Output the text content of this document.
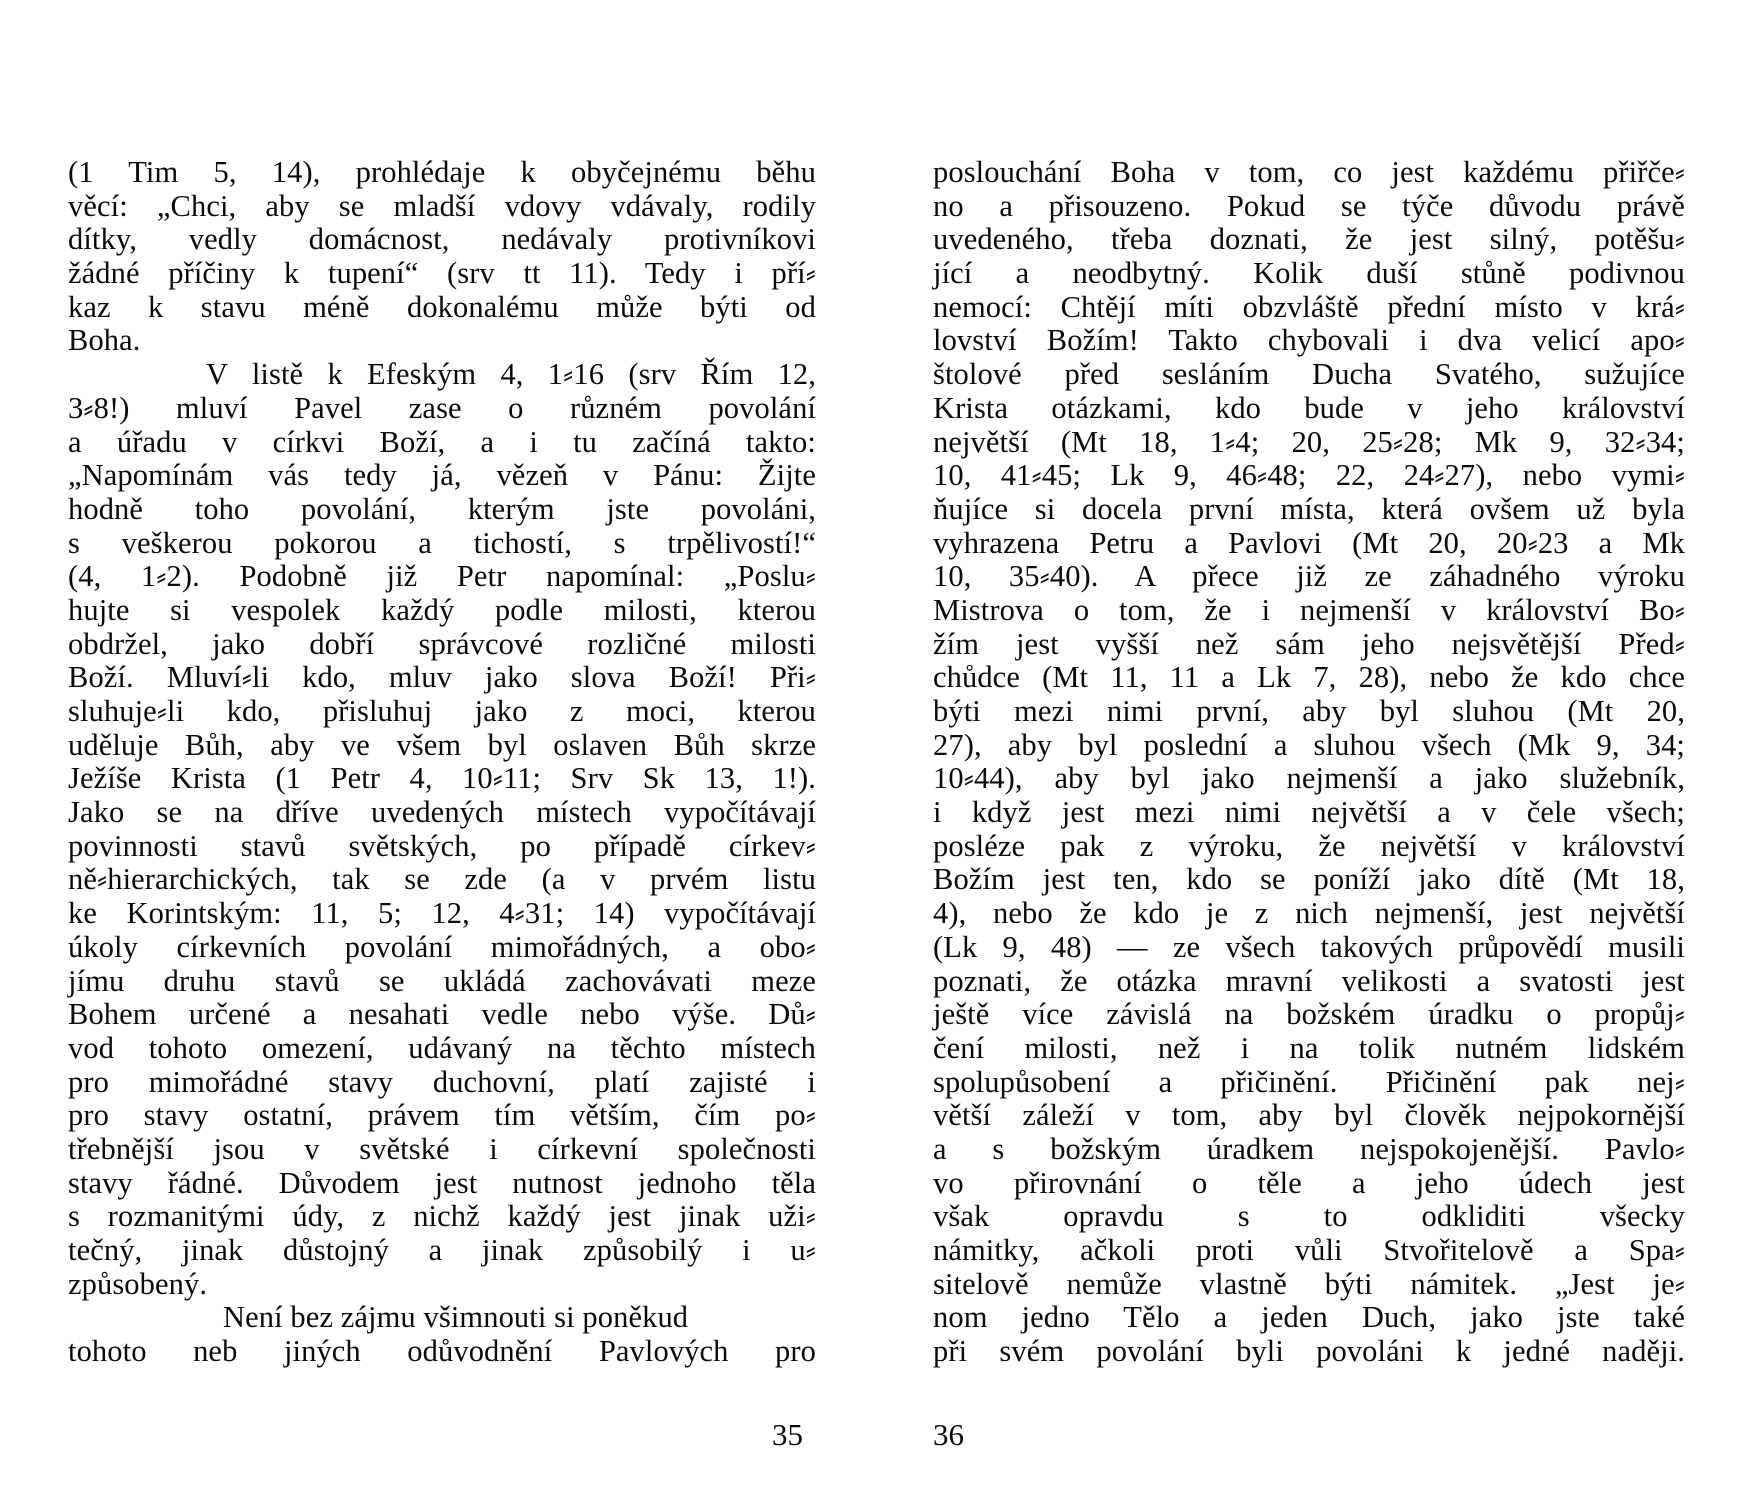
(1 Tim 5, 14), prohlédaje k obyčejnému běhu
věcí: „Chci, aby se mladší vdovy vdávaly, rodily
dítky, vedly domácnost, nedávaly protivníkovi
žádné příčiny k tupení“ (srv tt 11). Tedy i pří⸗
kaz k stavu méně dokonalému může býti od
Boha.
V listě k Efeským 4, 1⸗16 (srv Řím 12,
3⸗8!) mluví Pavel zase o různém povolání
a úřadu v církvi Boží, a i tu začíná takto:
„Napomínám vás tedy já, vězeň v Pánu: Žijte
hodně toho povolání, kterým jste povoláni,
s veškerou pokorou a tichostí, s trpělivostí!“
(4, 1⸗2). Podobně již Petr napomínal: „Poslu⸗
hujte si vespolek každý podle milosti, kterou
obdržel, jako dobří správcové rozličné milosti
Boží. Mluví⸗li kdo, mluv jako slova Boží! Při⸗
sluhuje⸗li kdo, přisluhuj jako z moci, kterou
uděluje Bůh, aby ve všem byl oslaven Bůh skrze
Ježíše Krista (1 Petr 4, 10⸗11; Srv Sk 13, 1!).
Jako se na dříve uvedených místech vypočítávají
povinnosti stavů světských, po případě církev⸗
ně⸗hierarchických, tak se zde (a v prvém listu
ke Korintským: 11, 5; 12, 4⸗31; 14) vypočítávají
úkoly církevních povolání mimořádných, a obo⸗
jímu druhu stavů se ukládá zachovávati meze
Bohem určené a nesahati vedle nebo výše. Dů⸗
vod tohoto omezení, udávaný na těchto místech
pro mimořádné stavy duchovní, platí zajisté i
pro stavy ostatní, právem tím větším, čím po⸗
třebnější jsou v světské i církevní společnosti
stavy řádné. Důvodem jest nutnost jednoho těla
s rozmanitými údy, z nichž každý jest jinak uži⸗
tečný, jinak důstojný a jinak způsobilý i u⸗
způsobený.
Není bez zájmu všimnouti si poněkud
tohoto neb jiných odůvodnění Pavlových pro
35
poslouchání Boha v tom, co jest každému přiřče⸗
no a přisouzeno. Pokud se týče důvodu právě
uvedeného, třeba doznati, že jest silný, potěšu⸗
jící a neodbytný. Kolik duší stůně podivnou
nemocí: Chtějí míti obzvláště přední místo v krá⸗
lovství Božím! Takto chybovali i dva velicí apo⸗
štolové před sesláním Ducha Svatého, sužujíce
Krista otázkami, kdo bude v jeho království
největší (Mt 18, 1⸗4; 20, 25⸗28; Mk 9, 32⸗34;
10, 41⸗45; Lk 9, 46⸗48; 22, 24⸗27), nebo vymi⸗
ňujíce si docela první místa, která ovšem už byla
vyhrazena Petru a Pavlovi (Mt 20, 20⸗23 a Mk
10, 35⸗40). A přece již ze záhadného výroku
Mistrova o tom, že i nejmenší v království Bo⸗
žím jest vyšší než sám jeho nejsvětější Před⸗
chůdce (Mt 11, 11 a Lk 7, 28), nebo že kdo chce
býti mezi nimi první, aby byl sluhou (Mt 20,
27), aby byl poslední a sluhou všech (Mk 9, 34;
10⸗44), aby byl jako nejmenší a jako služebník,
i když jest mezi nimi největší a v čele všech;
posléze pak z výroku, že největší v království
Božím jest ten, kdo se poníží jako dítě (Mt 18,
4), nebo že kdo je z nich nejmenší, jest největší
(Lk 9, 48) — ze všech takových průpovědí musili
poznati, že otázka mravní velikosti a svatosti jest
ještě více závislá na božském úradku o propůj⸗
čení milosti, než i na tolik nutném lidském
spolupůsobení a přičinění. Přičinění pak nej⸗
větší záleží v tom, aby byl člověk nejpokornější
a s božským úradkem nejspokojenější. Pavlo⸗
vo přirovnání o těle a jeho údech jest
však opravdu s to odkliditi všecky
námitky, ačkoli proti vůli Stvořitelově a Spa⸗
sitelově nemůže vlastně býti námitek. „Jest je⸗
nom jedno Tělo a jeden Duch, jako jste také
při svém povolání byli povoláni k jedné naději.
36
